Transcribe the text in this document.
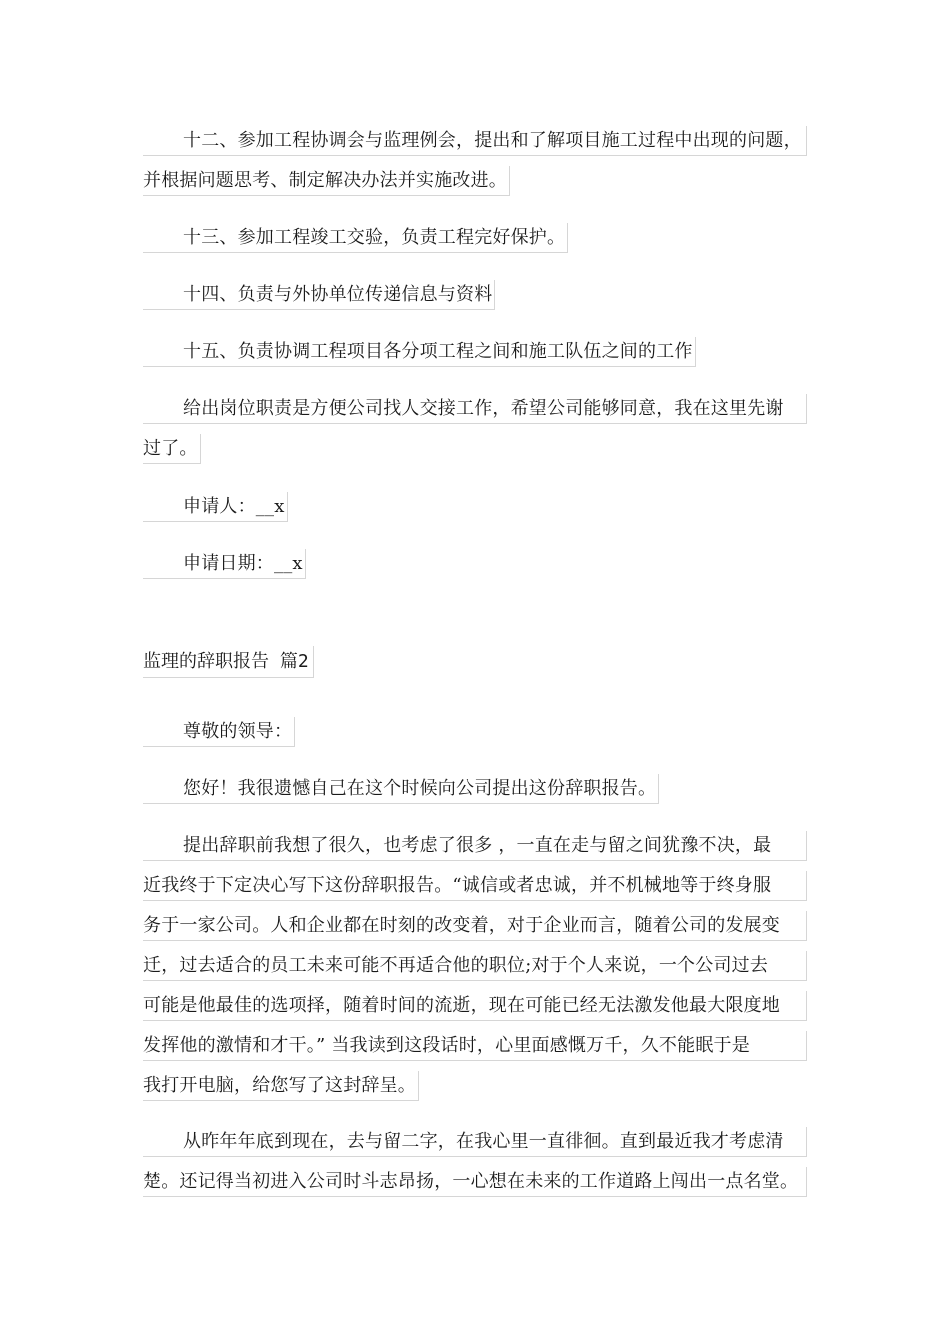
十二、参加工程协调会与监理例会，提出和了解项目施工过程中出现的问题，
并根据问题思考、制定解决办法并实施改进。
十三、参加工程竣工交验，负责工程完好保护。
十四、负责与外协单位传递信息与资料
十五、负责协调工程项目各分项工程之间和施工队伍之间的工作
给出岗位职责是方便公司找人交接工作，希望公司能够同意，我在这里先谢
过了。
申请人：__x
申请日期：__x
监理的辞职报告 篇2
尊敬的领导：
您好！我很遗憾自己在这个时候向公司提出这份辞职报告。
提出辞职前我想了很久，也考虑了很多 ，一直在走与留之间犹豫不决，最
近我终于下定决心写下这份辞职报告。“诚信或者忠诚，并不机械地等于终身服
务于一家公司。人和企业都在时刻的改变着，对于企业而言，随着公司的发展变
迁，过去适合的员工未来可能不再适合他的职位;对于个人来说，一个公司过去
可能是他最佳的选项择，随着时间的流逝，现在可能已经无法激发他最大限度地
发挥他的激情和才干。” 当我读到这段话时，心里面感慨万千，久不能眠于是
我打开电脑，给您写了这封辞呈。
从昨年年底到现在，去与留二字，在我心里一直徘徊。直到最近我才考虑清
楚。还记得当初进入公司时斗志昂扬，一心想在未来的工作道路上闯出一点名堂。
